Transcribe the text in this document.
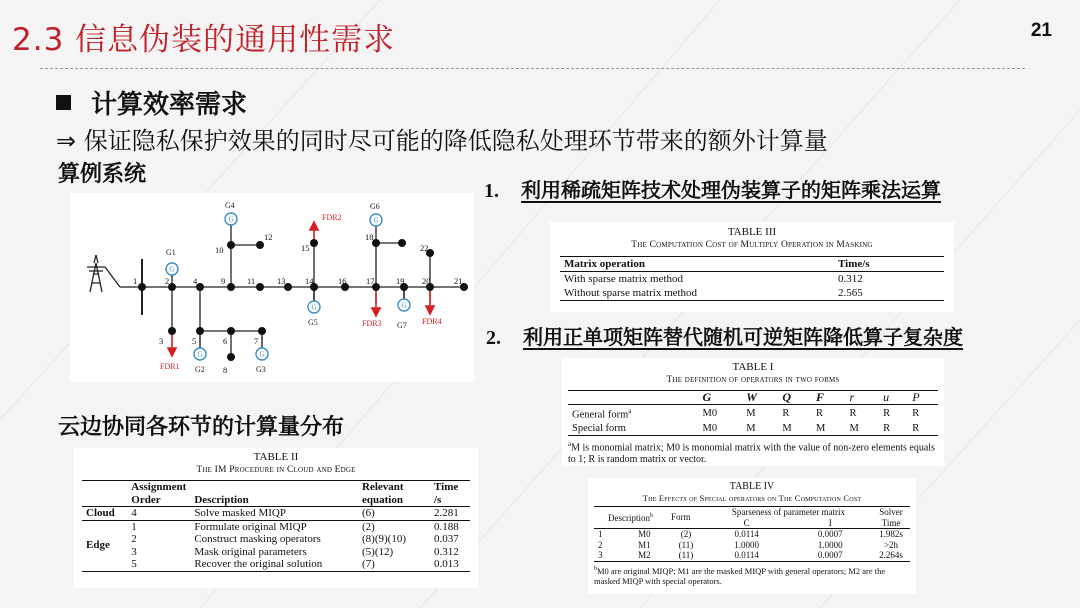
2.3 信息伪装的通用性需求	21
计算效率需求
⇒ 保证隐私保护效果的同时尽可能的降低隐私处理环节带来的额外计算量
算例系统
1. 利用稀疏矩阵技术处理伪装算子的矩阵乘法运算
2. 利用正单项矩阵替代随机可逆矩阵降低算子复杂度
云边协同各环节的计算量分布
G
G	G
G
G
G
G
1	2
3
4
5	6	7
8
9
10
11
12
13 14
15
16 17
18
19 20	21
22
G1
G2	G3
G4
G5
G6
G7
FDR1
FDR2
FDR3	FDR4
TABLE III
The Computation Cost of Multiply Operation in Masking
Matrix operation	Time/s
With sparse matrix method	0.312
Without sparse matrix method	2.565
TABLE I
The definition of operators in two forms
	G	W	Q	F	r	u	P
General form$^a$	M0	M	R	R	R	R	R
Special form	M0	M	M	M	M	R	R
$^a$M is monomial matrix; M0 is monomial matrix with the value of non-zero elements equals to 1; R is random matrix or vector.
TABLE II
The IM Procedure in Cloud and Edge
	Assignment Order	Description	Relevant equation	Time /s
Cloud	4	Solve masked MIQP	(6)	2.281
Edge	1	Formulate original MIQP	(2)	0.188
	2	Construct masking operators	(8)(9)(10)	0.037
	3	Mask original parameters	(5)(12)	0.312
	5	Recover the original solution	(7)	0.013
TABLE IV
The Effects of Special operators on The Computation Cost
Description$^b$		Form	Sparseness of parameter matrix		Solver Time
			C	I	
1	M0	(2)	0.0114	0.0007	1.982s
2	M1	(11)	1.0000	1.0000	>2h
3	M2	(11)	0.0114	0.0007	2.264s
$^b$M0 are original MIQP; M1 are the masked MIQP with general operators; M2 are the masked MIQP with special operators.
